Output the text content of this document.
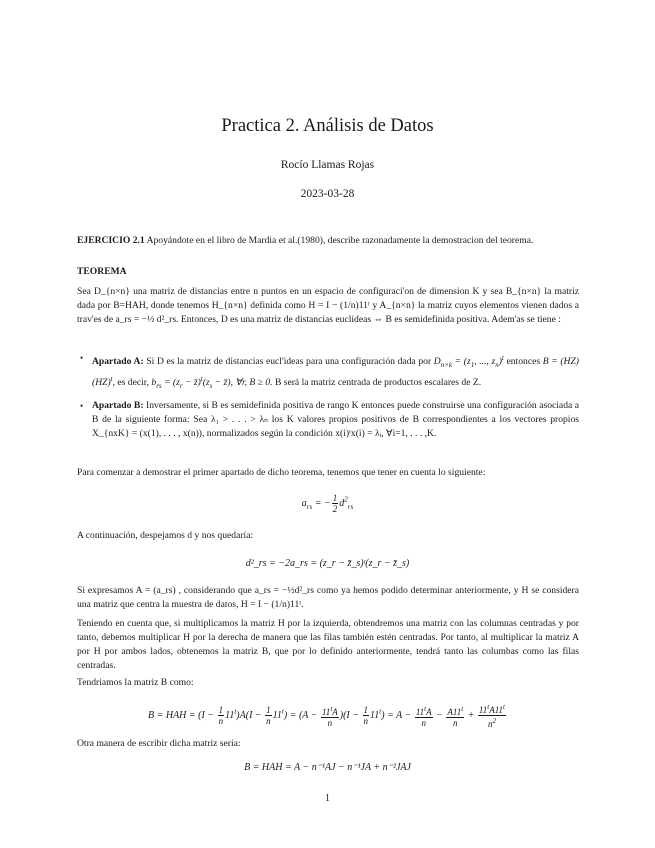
Practica 2. Análisis de Datos
Rocío Llamas Rojas
2023-03-28
EJERCICIO 2.1 Apoyándote en el libro de Mardia et al.(1980), describe razonadamente la demostracion del teorema.
TEOREMA
Sea D_{n×n} una matriz de distancias entre n puntos en un espacio de configuraci'on de dimension K y sea B_{n×n} la matriz dada por B=HAH, donde tenemos H_{n×n} definida como H = I − (1/n)11ᵗ y A_{n×n} la matriz cuyos elementos vienen dados a trav'es de a_rs = −½ d²_rs. Entonces, D es una matriz de distancias euclídeas ⇔ B es semidefinida positiva. Adem'as se tiene :
• Apartado A: Si D es la matriz de distancias eucl'ideas para una configuración dada por $D_{n\times k} = (z_1$, ..., $z_n)^t$ entonces B = (HZ)(HZ)$^t$, es decir, $b_{rs} = (z_r$ − $z̄)^t(z_s$ − z̄), ∀r, B ≥ 0. B será la matriz centrada de productos escalares de Z.
• Apartado B: Inversamente, si B es semidefinida positiva de rango K entonces puede construirse una configuración asociada a B de la siguiente forma: Sea λ₁ > . . . > λₙ los K valores propios positivos de B correspondientes a los vectores propios X_{nxK} = (x(1), . . . , x(n)), normalizados según la condición x(i)ᵗx(i) = λᵢ, ∀i=1, . . . ,K.
Para comenzar a demostrar el primer apartado de dicho teorema, tenemos que tener en cuenta lo siguiente:
$a_{rs}$ = − $\frac{1}{2} d^2_{rs}$
A continuación, despejamos d y nos quedaría:
d²_rs = −2a_rs = (z_r − z̄_s)ᵗ(z_r − z̄_s)
Si expresamos A = (a_rs) , considerando que a_rs = −½d²_rs como ya hemos podido determinar anteriormente, y H se considera una matriz que centra la muestra de datos, H = I − (1/n)11ᵗ.
Teniendo en cuenta que, si multiplicamos la matriz H por la izquierda, obtendremos una matriz con las columnas centradas y por tanto, debemos multiplicar H por la derecha de manera que las filas también estén centradas. Por tanto, al multiplicar la matriz A por H por ambos lados, obtenemos la matriz B, que por lo definido anteriormente, tendrá tanto las columbas como las filas centradas.
Tendriamos la matriz B como:
B = HAH = $(I - \frac{1}{n} 11^t)A(I - \frac{1}{n} 11^t) = (A - \frac{11^tA}{n} )(I - \frac{1}{n} 11^t) = A - \frac{11^tA}{n} - \frac{A11^t}{n} + \frac{11^tA11^t}{n^2}$
Otra manera de escribir dicha matriz sería:
B = HAH = A − n⁻¹AJ − n⁻¹JA + n⁻²JAJ
1
